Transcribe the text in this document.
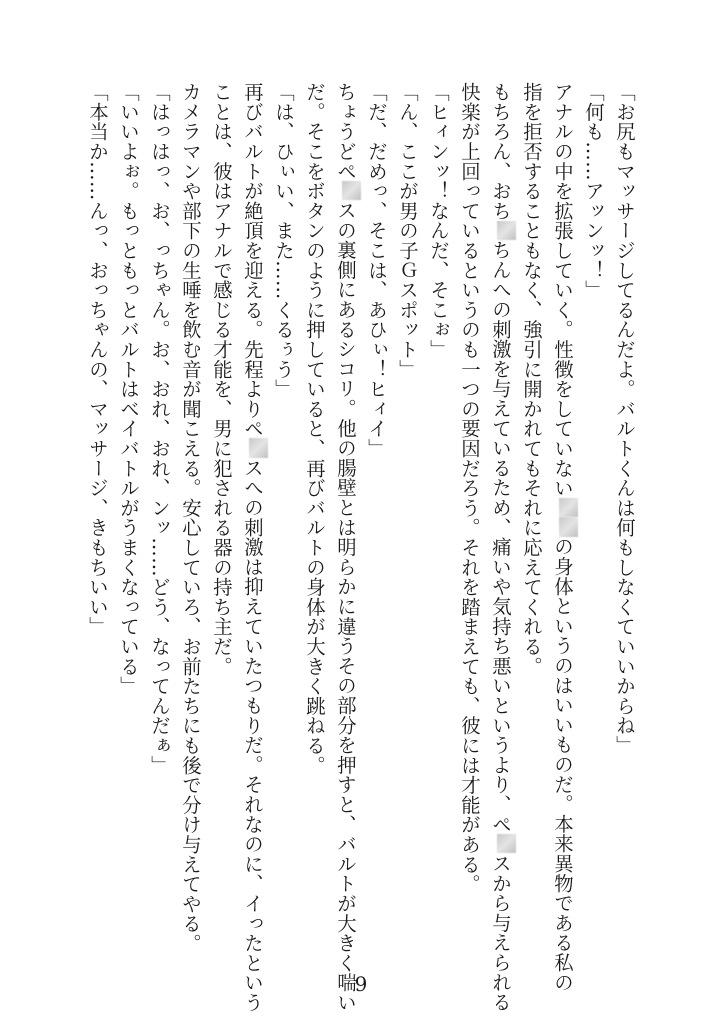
「お尻もマッサージしてるんだよ。バルトくんは何もしなくていいからね」
「何も……アッンッ！」
アナルの中を拡張していく。性徴をしていないの身体というのはいいものだ。本来異物である私の
指を拒否することもなく、強引に開かれてもそれに応えてくれる。
もちろん、おちちんへの刺激を与えているため、痛いや気持ち悪いというより、ペスから与えられる
快楽が上回っているというのも一つの要因だろう。それを踏まえても、彼には才能がある。
「ヒィンッ！なんだ、そこぉ」
「ん、ここが男の子Ｇスポット」
「だ、だめっ、そこは、あひぃ！ヒィイ」
ちょうどペスの裏側にあるシコリ。他の腸壁とは明らかに違うその部分を押すと、バルトが大きく喘い
だ。そこをボタンのように押していると、再びバルトの身体が大きく跳ねる。
「は、ひぃい、また……くるぅう」
再びバルトが絶頂を迎える。先程よりペスへの刺激は抑えていたつもりだ。それなのに、イったという
ことは、彼はアナルで感じる才能を、男に犯される器の持ち主だ。
カメラマンや部下の生唾を飲む音が聞こえる。安心していろ、お前たちにも後で分け与えてやる。
「はっはっ、お、っちゃん。お、おれ、おれ、ンッ……どう、なってんだぁ」
「いいよぉ。もっともっとバルトはベイバトルがうまくなっている」
「本当か……んっ、おっちゃんの、マッサージ、きもちいい」
9
